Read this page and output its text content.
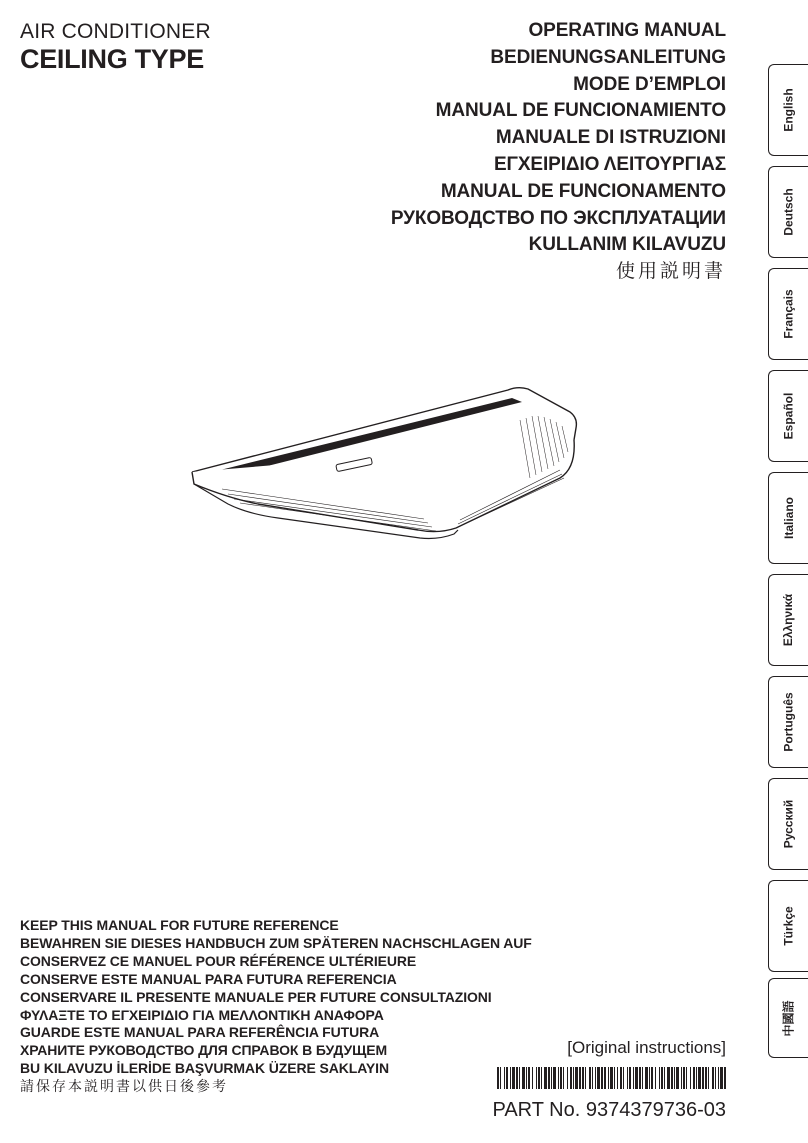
AIR CONDITIONER
CEILING TYPE
OPERATING MANUAL
BEDIENUNGSANLEITUNG
MODE D’EMPLOI
MANUAL DE FUNCIONAMIENTO
MANUALE DI ISTRUZIONI
ΕΓΧΕΙΡΙΔΙΟ ΛΕΙΤΟΥΡΓΙΑΣ
MANUAL DE FUNCIONAMENTO
РУКОВОДСТВО ПО ЭКСПЛУАТАЦИИ
KULLANIM KILAVUZU
使用説明書
English
Deutsch
Français
Español
Italiano
Ελληνικά
Português
Русский
Türkçe
中國語
KEEP THIS MANUAL FOR FUTURE REFERENCE
BEWAHREN SIE DIESES HANDBUCH ZUM SPÄTEREN NACHSCHLAGEN AUF
CONSERVEZ CE MANUEL POUR RÉFÉRENCE ULTÉRIEURE
CONSERVE ESTE MANUAL PARA FUTURA REFERENCIA
CONSERVARE IL PRESENTE MANUALE PER FUTURE CONSULTAZIONI
ΦΥΛΑΞΤΕ ΤΟ ΕΓΧΕΙΡΙΔΙΟ ΓΙΑ ΜΕΛΛΟΝΤΙΚΗ ΑΝΑΦΟΡΑ
GUARDE ESTE MANUAL PARA REFERÊNCIA FUTURA
ХРАНИТЕ РУКОВОДСТВО ДЛЯ СПРАВОК В БУДУЩЕМ
BU KILAVUZU İLERİDE BAŞVURMAK ÜZERE SAKLAYIN
請保存本説明書以供日後參考
[Original instructions]
PART No. 9374379736-03
